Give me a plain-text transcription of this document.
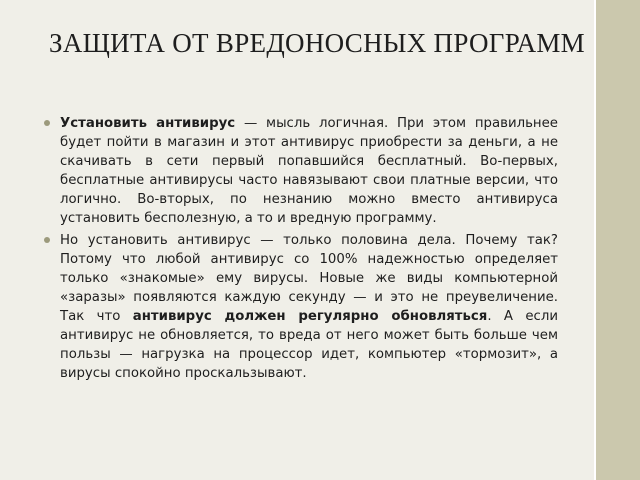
ЗАЩИТА ОТ ВРЕДОНОСНЫХ ПРОГРАММ
Установить антивирус — мысль логичная. При этом правильнее будет пойти в магазин и этот антивирус приобрести за деньги, а не скачивать в сети первый попавшийся бесплатный. Во-первых, бесплатные антивирусы часто навязывают свои платные версии, что логично. Во-вторых, по незнанию можно вместо антивируса установить бесполезную, а то и вредную программу.
Но установить антивирус — только половина дела. Почему так? Потому что любой антивирус со 100% надежностью определяет только «знакомые» ему вирусы. Новые же виды компьютерной «заразы» появляются каждую секунду — и это не преувеличение. Так что антивирус должен регулярно обновляться. А если антивирус не обновляется, то вреда от него может быть больше чем пользы — нагрузка на процессор идет, компьютер «тормозит», а вирусы спокойно проскальзывают.
